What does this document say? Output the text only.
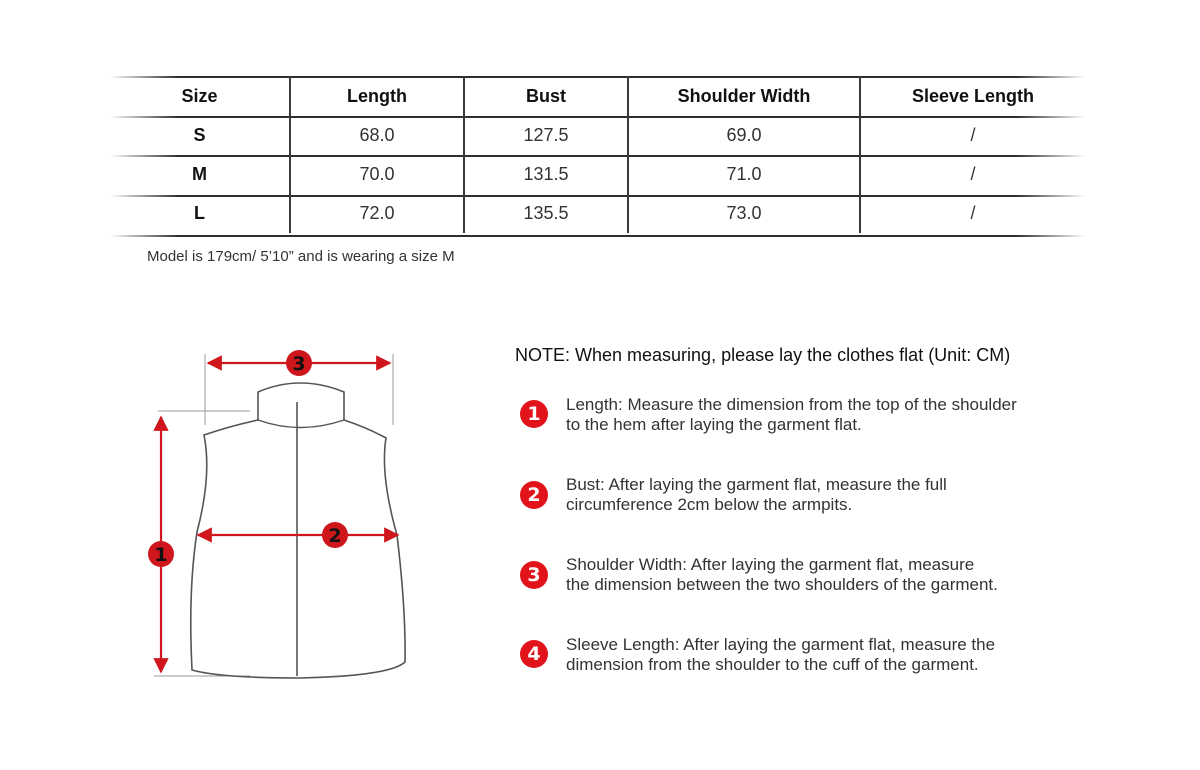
Size	Length	Bust	Shoulder Width	Sleeve Length
S	68.0	127.5	69.0	/
M	70.0	131.5	71.0	/
L	72.0	135.5	73.0	/
Model is 179cm/ 5’10” and is wearing a size M
3
1
2
NOTE: When measuring, please lay the clothes flat (Unit: CM)
1	Length: Measure the dimension from the top of the shoulder
to the hem after laying the garment flat.
2	Bust: After laying the garment flat, measure the full
circumference 2cm below the armpits.
3	Shoulder Width: After laying the garment flat, measure
the dimension between the two shoulders of the garment.
4	Sleeve Length: After laying the garment flat, measure the
dimension from the shoulder to the cuff of the garment.
